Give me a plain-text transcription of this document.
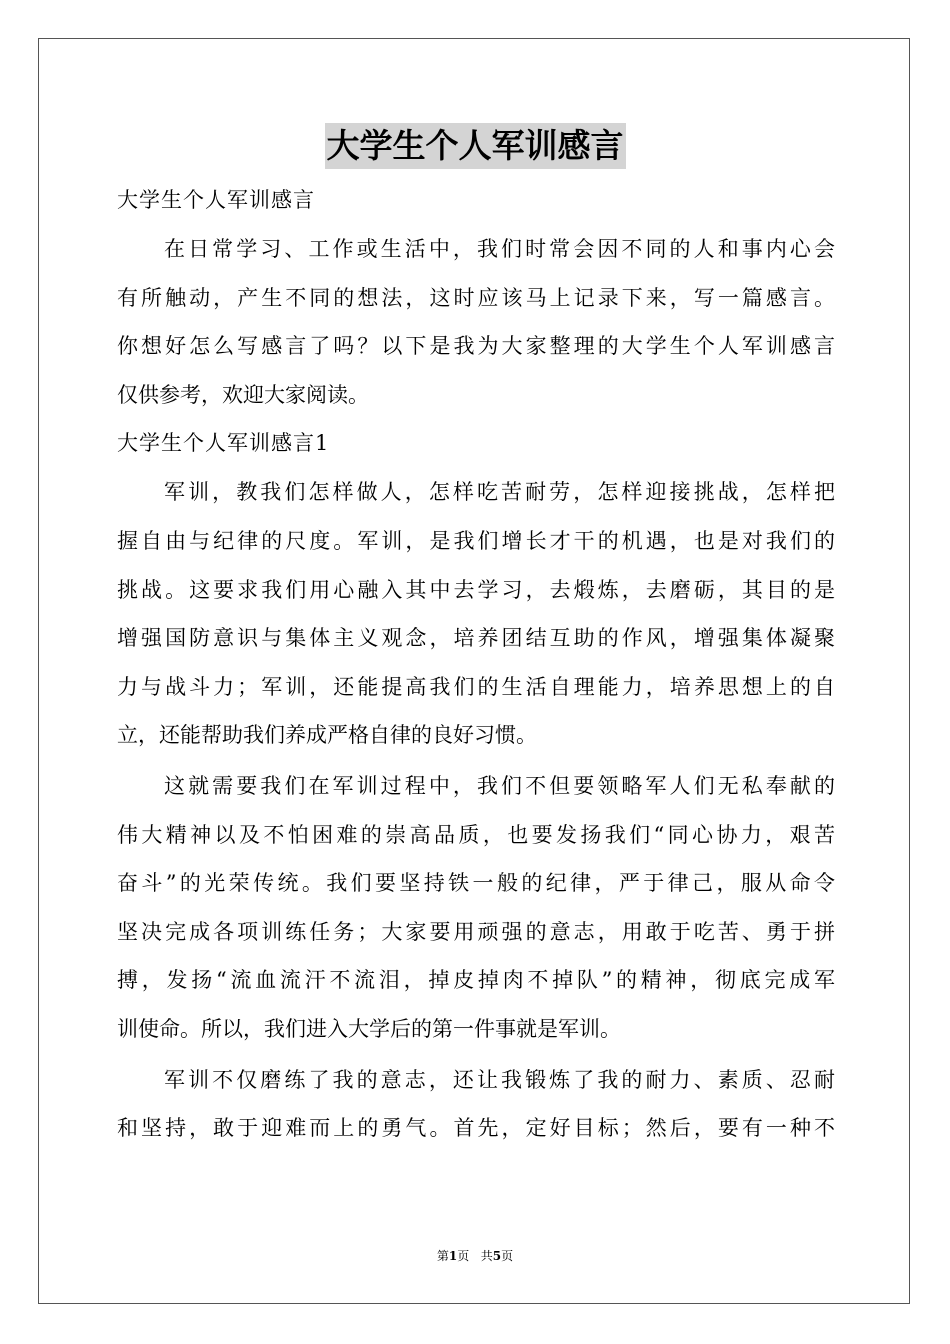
大学生个人军训感言
大学生个人军训感言
在日常学习、工作或生活中，我们时常会因不同的人和事内心会
有所触动，产生不同的想法，这时应该马上记录下来，写一篇感言。
你想好怎么写感言了吗？以下是我为大家整理的大学生个人军训感言
仅供参考，欢迎大家阅读。
大学生个人军训感言1
军训，教我们怎样做人，怎样吃苦耐劳，怎样迎接挑战，怎样把
握自由与纪律的尺度。军训，是我们增长才干的机遇，也是对我们的
挑战。这要求我们用心融入其中去学习，去煅炼，去磨砺，其目的是
增强国防意识与集体主义观念，培养团结互助的作风，增强集体凝聚
力与战斗力；军训，还能提高我们的生活自理能力，培养思想上的自
立，还能帮助我们养成严格自律的良好习惯。
这就需要我们在军训过程中，我们不但要领略军人们无私奉献的
伟大精神以及不怕困难的崇高品质，也要发扬我们“同心协力，艰苦
奋斗”的光荣传统。我们要坚持铁一般的纪律，严于律己，服从命令
坚决完成各项训练任务；大家要用顽强的意志，用敢于吃苦、勇于拼
搏，发扬“流血流汗不流泪，掉皮掉肉不掉队”的精神，彻底完成军
训使命。所以，我们进入大学后的第一件事就是军训。
军训不仅磨练了我的意志，还让我锻炼了我的耐力、素质、忍耐
和坚持，敢于迎难而上的勇气。首先，定好目标；然后，要有一种不
第1页 共5页
